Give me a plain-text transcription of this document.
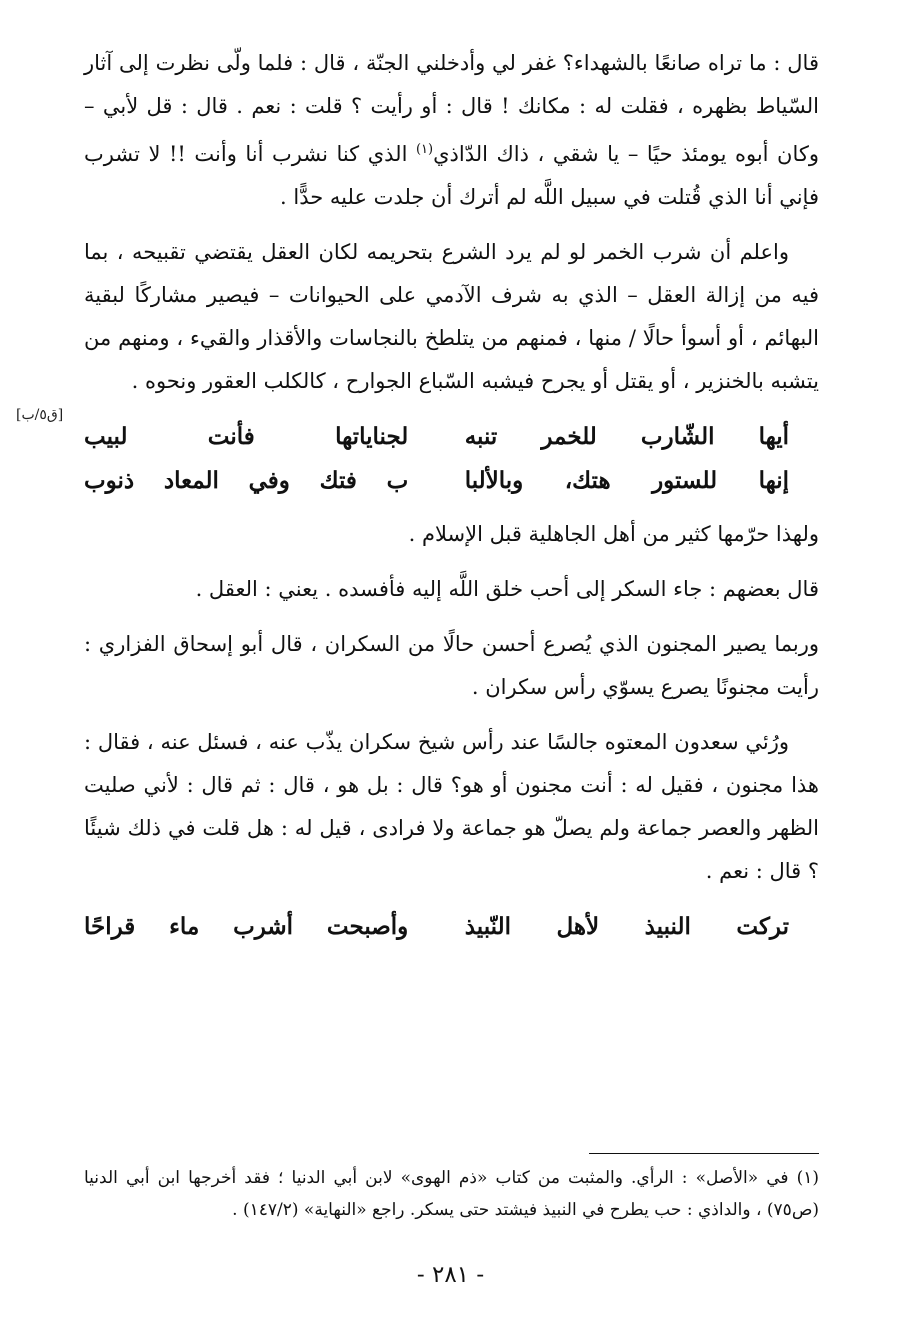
[ق٥/ب]

قال : ما تراه صانعًا بالشهداء؟ غفر لي وأدخلني الجنّة ، قال : فلما ولّى نظرت إلى آثار السّياط بظهره ، فقلت له : مكانك ! قال : أو رأيت ؟ قلت : نعم . قال : قل لأبي – وكان أبوه يومئذ حيًا – يا شقي ، ذاك الدّاذي$^{(١)}$ الذي كنا نشرب أنا وأنت !! لا تشرب فإني أنا الذي قُتلت في سبيل اللَّه لم أترك أن جلدت عليه حدًّا .

واعلم أن شرب الخمر لو لم يرد الشرع بتحريمه لكان العقل يقتضي تقبيحه ، بما فيه من إزالة العقل – الذي به شرف الآدمي على الحيوانات – فيصير مشاركًا لبقية البهائم ، أو أسوأ حالًا / منها ، فمنهم من يتلطخ بالنجاسات والأقذار والقيء ، ومنهم من يتشبه بالخنزير ، أو يقتل أو يجرح فيشبه السّباع الجوارح ، كالكلب العقور ونحوه .

أيها الشّارب للخمر تنبه
لجناياتها فأنت لبيب
إنها للستور هتك، وبالألبا
ب فتك وفي المعاد ذنوب

ولهذا حرّمها كثير من أهل الجاهلية قبل الإسلام .

قال بعضهم : جاء السكر إلى أحب خلق اللَّه إليه فأفسده . يعني : العقل .

وربما يصير المجنون الذي يُصرع أحسن حالًا من السكران ، قال أبو إسحاق الفزاري : رأيت مجنونًا يصرع يسوّي رأس سكران .

ورُئي سعدون المعتوه جالسًا عند رأس شيخ سكران يذّب عنه ، فسئل عنه ، فقال : هذا مجنون ، فقيل له : أنت مجنون أو هو؟ قال : بل هو ، قال : ثم قال : لأني صليت الظهر والعصر جماعة ولم يصلّ هو جماعة ولا فرادى ، قيل له : هل قلت في ذلك شيئًا ؟ قال : نعم .

تركت النبيذ لأهل النّبيذ
وأصبحت أشرب ماء قراحًا
(١) في «الأصل» : الرأي. والمثبت من كتاب «ذم الهوى» لابن أبي الدنيا ؛ فقد أخرجها ابن أبي الدنيا (ص٧٥) ، والداذي : حب يطرح في النبيذ فيشتد حتى يسكر. راجع «النهاية» (١٤٧/٢) .
- ٢٨١ -
